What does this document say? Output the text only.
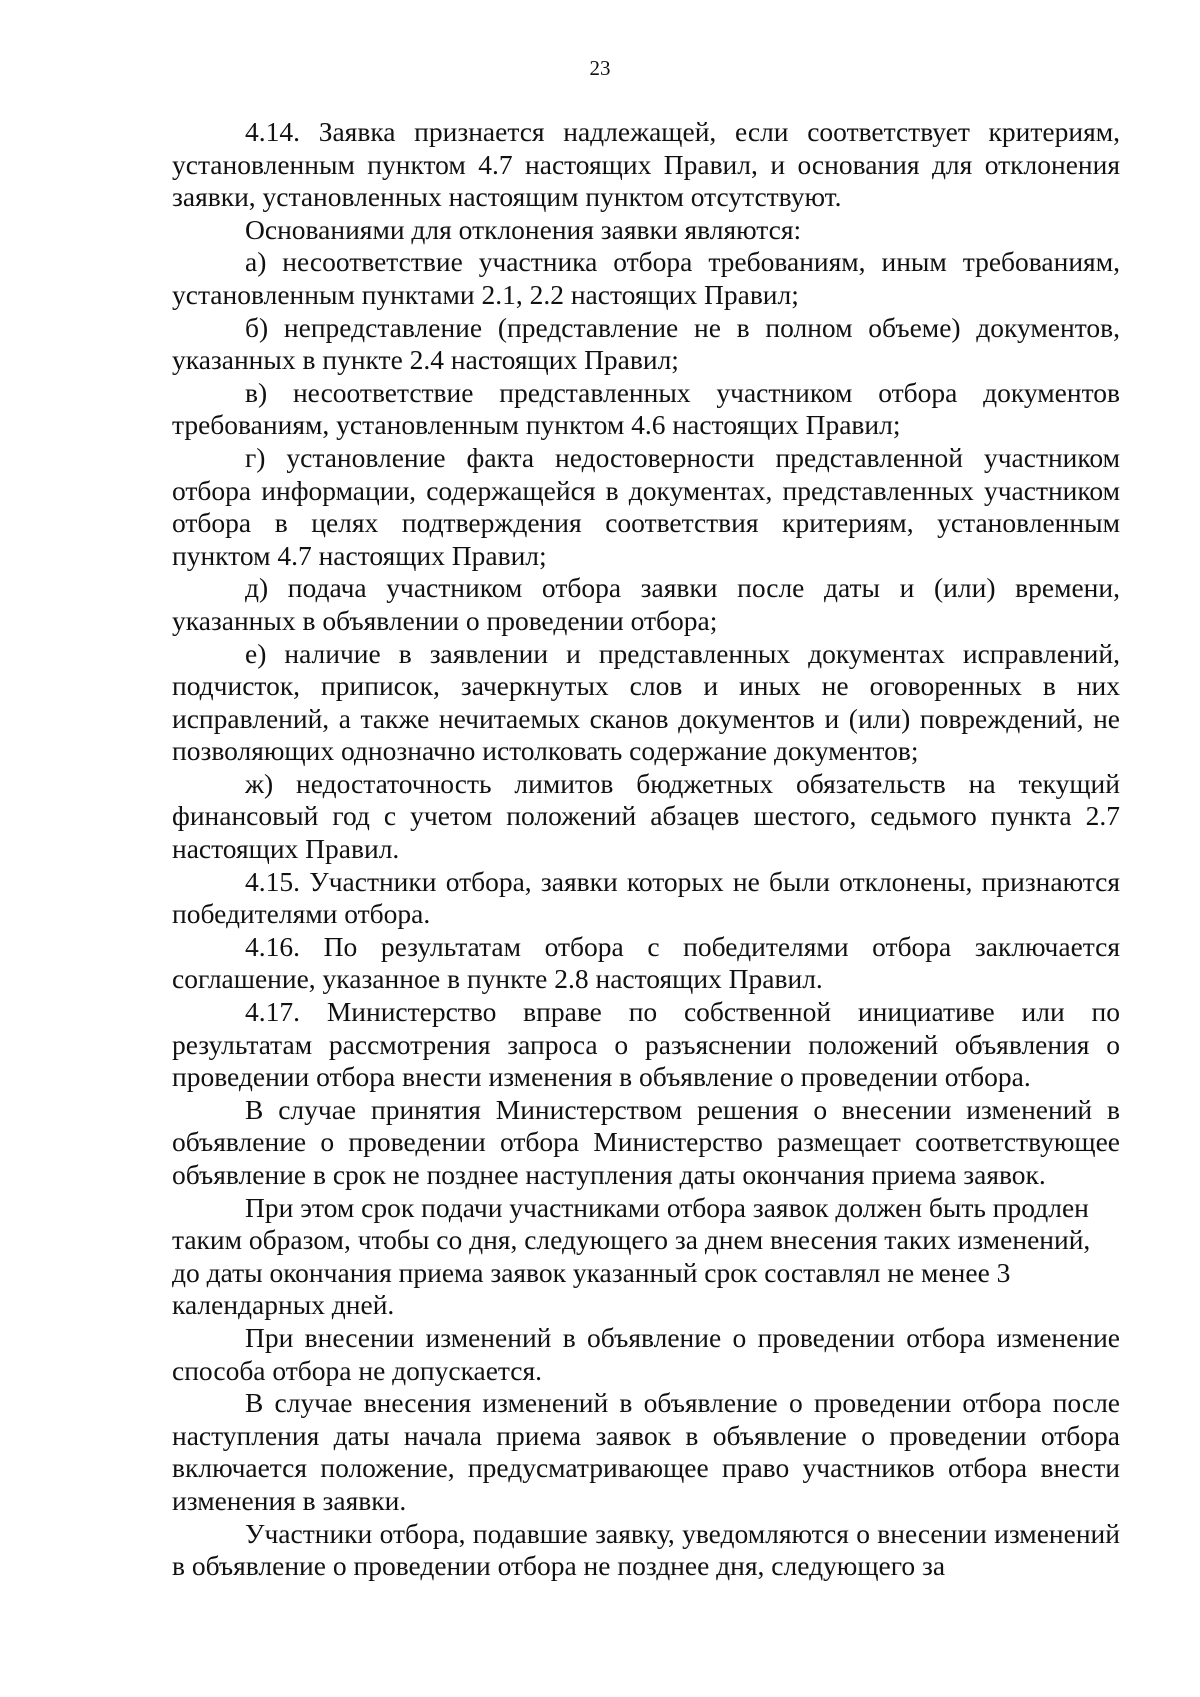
23

4.14. Заявка признается надлежащей, если соответствует критериям, установленным пунктом 4.7 настоящих Правил, и основания для отклонения заявки, установленных настоящим пунктом отсутствуют.

Основаниями для отклонения заявки являются:

а) несоответствие участника отбора требованиям, иным требованиям, установленным пунктами 2.1, 2.2 настоящих Правил;

б) непредставление (представление не в полном объеме) документов, указанных в пункте 2.4 настоящих Правил;

в) несоответствие представленных участником отбора документов требованиям, установленным пунктом 4.6 настоящих Правил;

г) установление факта недостоверности представленной участником отбора информации, содержащейся в документах, представленных участником отбора в целях подтверждения соответствия критериям, установленным пунктом 4.7 настоящих Правил;

д) подача участником отбора заявки после даты и (или) времени, указанных в объявлении о проведении отбора;

е) наличие в заявлении и представленных документах исправлений, подчисток, приписок, зачеркнутых слов и иных не оговоренных в них исправлений, а также нечитаемых сканов документов и (или) повреждений, не позволяющих однозначно истолковать содержание документов;

ж) недостаточность лимитов бюджетных обязательств на текущий финансовый год с учетом положений абзацев шестого, седьмого пункта 2.7 настоящих Правил.

4.15. Участники отбора, заявки которых не были отклонены, признаются победителями отбора.

4.16. По результатам отбора с победителями отбора заключается соглашение, указанное в пункте 2.8 настоящих Правил.

4.17. Министерство вправе по собственной инициативе или по результатам рассмотрения запроса о разъяснении положений объявления о проведении отбора внести изменения в объявление о проведении отбора.

В случае принятия Министерством решения о внесении изменений в объявление о проведении отбора Министерство размещает соответствующее объявление в срок не позднее наступления даты окончания приема заявок.

При этом срок подачи участниками отбора заявок должен быть продлен таким образом, чтобы со дня, следующего за днем внесения таких изменений, до даты окончания приема заявок указанный срок составлял не менее 3 календарных дней.

При внесении изменений в объявление о проведении отбора изменение способа отбора не допускается.

В случае внесения изменений в объявление о проведении отбора после наступления даты начала приема заявок в объявление о проведении отбора включается положение, предусматривающее право участников отбора внести изменения в заявки.

Участники отбора, подавшие заявку, уведомляются о внесении изменений в объявление о проведении отбора не позднее дня, следующего за
